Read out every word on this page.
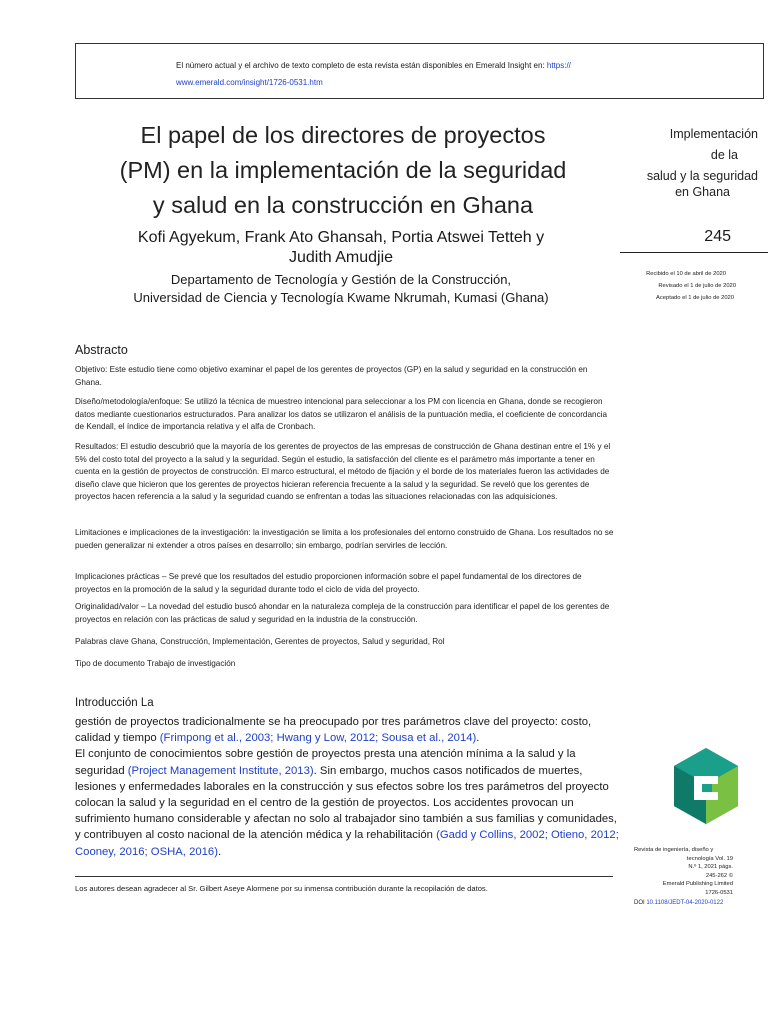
El número actual y el archivo de texto completo de esta revista están disponibles en Emerald Insight en: https://
www.emerald.com/insight/1726-0531.htm
El papel de los directores de proyectos
(PM) en la implementación de la seguridad
y salud en la construcción en Ghana
Kofi Agyekum, Frank Ato Ghansah, Portia Atswei Tetteh y
Judith Amudjie
Departamento de Tecnología y Gestión de la Construcción,
Universidad de Ciencia y Tecnología Kwame Nkrumah, Kumasi (Ghana)
Implementación
de la
salud y la seguridad
en Ghana
245
Recibido el 10 de abril de 2020
Revisado el 1 de julio de 2020
Aceptado el 1 de julio de 2020
Abstracto
Objetivo: Este estudio tiene como objetivo examinar el papel de los gerentes de proyectos (GP) en la salud y seguridad en la construcción en Ghana.
Diseño/metodología/enfoque: Se utilizó la técnica de muestreo intencional para seleccionar a los PM con licencia en Ghana, donde se recogieron datos mediante cuestionarios estructurados. Para analizar los datos se utilizaron el análisis de la puntuación media, el coeficiente de concordancia de Kendall, el índice de importancia relativa y el alfa de Cronbach.
Resultados: El estudio descubrió que la mayoría de los gerentes de proyectos de las empresas de construcción de Ghana destinan entre el 1% y el 5% del costo total del proyecto a la salud y la seguridad. Según el estudio, la satisfacción del cliente es el parámetro más importante a tener en cuenta en la gestión de proyectos de construcción. El marco estructural, el método de fijación y el borde de los materiales fueron las actividades de diseño clave que hicieron que los gerentes de proyectos hicieran referencia frecuente a la salud y la seguridad. Se reveló que los gerentes de proyectos hacen referencia a la salud y la seguridad cuando se enfrentan a todas las situaciones relacionadas con las adquisiciones.
Limitaciones e implicaciones de la investigación: la investigación se limita a los profesionales del entorno construido de Ghana. Los resultados no se pueden generalizar ni extender a otros países en desarrollo; sin embargo, podrían servirles de lección.
Implicaciones prácticas – Se prevé que los resultados del estudio proporcionen información sobre el papel fundamental de los directores de proyectos en la promoción de la salud y la seguridad durante todo el ciclo de vida del proyecto.
Originalidad/valor – La novedad del estudio buscó ahondar en la naturaleza compleja de la construcción para identificar el papel de los gerentes de proyectos en relación con las prácticas de salud y seguridad en la industria de la construcción.
Palabras clave Ghana, Construcción, Implementación, Gerentes de proyectos, Salud y seguridad, Rol
Tipo de documento Trabajo de investigación
Introducción La
gestión de proyectos tradicionalmente se ha preocupado por tres parámetros clave del proyecto: costo, calidad y tiempo (Frimpong et al., 2003; Hwang y Low, 2012; Sousa et al., 2014).
El conjunto de conocimientos sobre gestión de proyectos presta una atención mínima a la salud y la seguridad (Project Management Institute, 2013). Sin embargo, muchos casos notificados de muertes, lesiones y enfermedades laborales en la construcción y sus efectos sobre los tres parámetros del proyecto colocan la salud y la seguridad en el centro de la gestión de proyectos. Los accidentes provocan un sufrimiento humano considerable y afectan no solo al trabajador sino también a sus familias y comunidades, y contribuyen al costo nacional de la atención médica y la rehabilitación (Gadd y Collins, 2002; Otieno, 2012; Cooney, 2016; OSHA, 2016).
Los autores desean agradecer al Sr. Gilbert Aseye Alormene por su inmensa contribución durante la recopilación de datos.
Revista de ingeniería, diseño y
tecnología Vol. 19
N.º 1, 2021 págs.
245-262 ©
Emerald Publishing Limited
1726-0531
DOI 10.1108/JEDT-04-2020-0122
